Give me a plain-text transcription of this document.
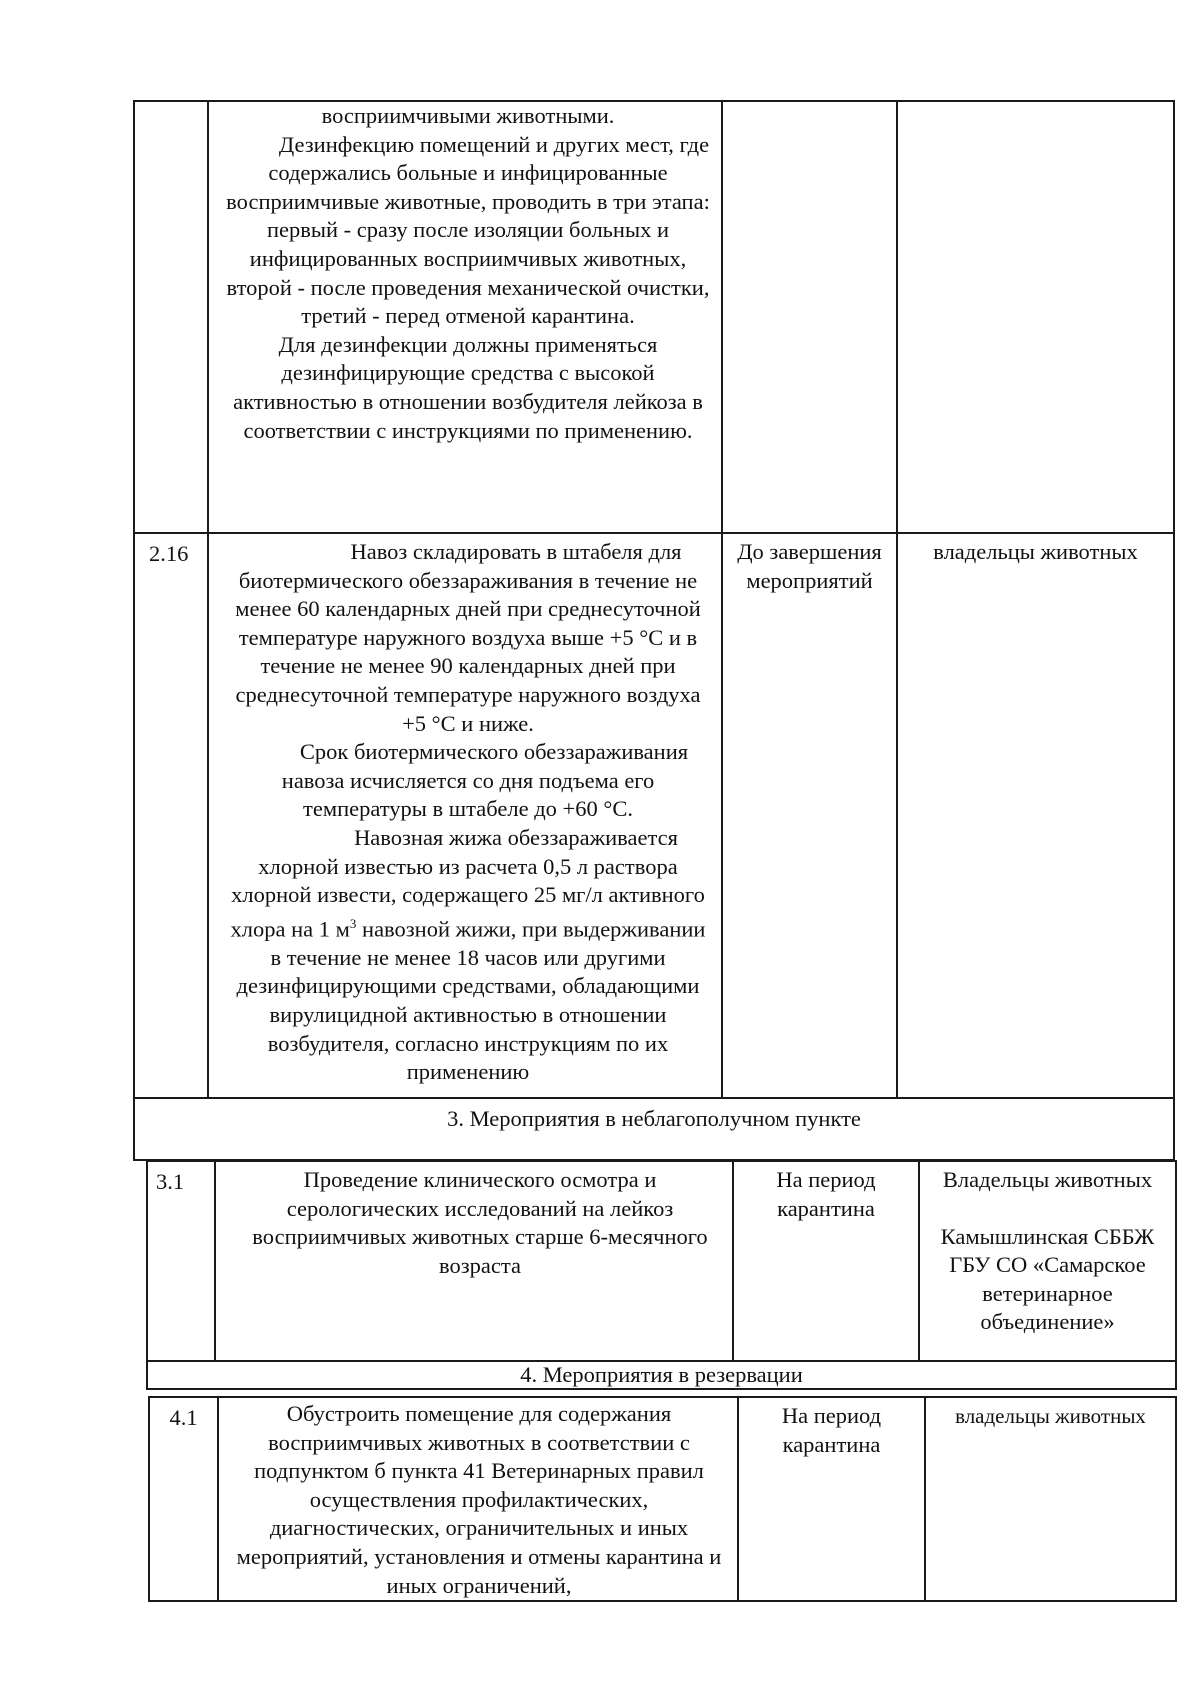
	восприимчивыми животными.

Дезинфекцию помещений и других мест, где содержались больные и инфицированные восприимчивые животные, проводить в три этапа: первый - сразу после изоляции больных и инфицированных восприимчивых животных, второй - после проведения механической очистки, третий - перед отменой карантина.

Для дезинфекции должны применяться дезинфицирующие средства с высокой активностью в отношении возбудителя лейкоза в соответствии с инструкциями по применению.		

2.16	Навоз складировать в штабеля для биотермического обеззараживания в течение не менее 60 календарных дней при среднесуточной температуре наружного воздуха выше +5 °С и в течение не менее 90 календарных дней при среднесуточной температуре наружного воздуха +5 °С и ниже.

Срок биотермического обеззараживания навоза исчисляется со дня подъема его температуры в штабеле до +60 °С.

Навозная жижа обеззараживается хлорной известью из расчета 0,5 л раствора хлорной извести, содержащего 25 мг/л активного хлора на 1 $м^3$ навозной жижи, при выдерживании в течение не менее 18 часов или другими дезинфицирующими средствами, обладающими вирулицидной активностью в отношении возбудителя, согласно инструкциям по их применению	До завершения мероприятий	владельцы животных
3. Мероприятия в неблагополучном пункте			
3.1	Проведение клинического осмотра и серологических исследований на лейкоз восприимчивых животных старше 6-месячного возраста	На период карантина	Владельцы животных
Камышлинская СББЖ ГБУ СО «Самарское ветеринарное объединение»

4. Мероприятия в резервации
4.1	Обустроить помещение для содержания восприимчивых животных в соответствии с подпунктом б пункта 41 Ветеринарных правил осуществления профилактических, диагностических, ограничительных и иных мероприятий, установления и отмены карантина и иных ограничений,	На период карантина	владельцы животных
